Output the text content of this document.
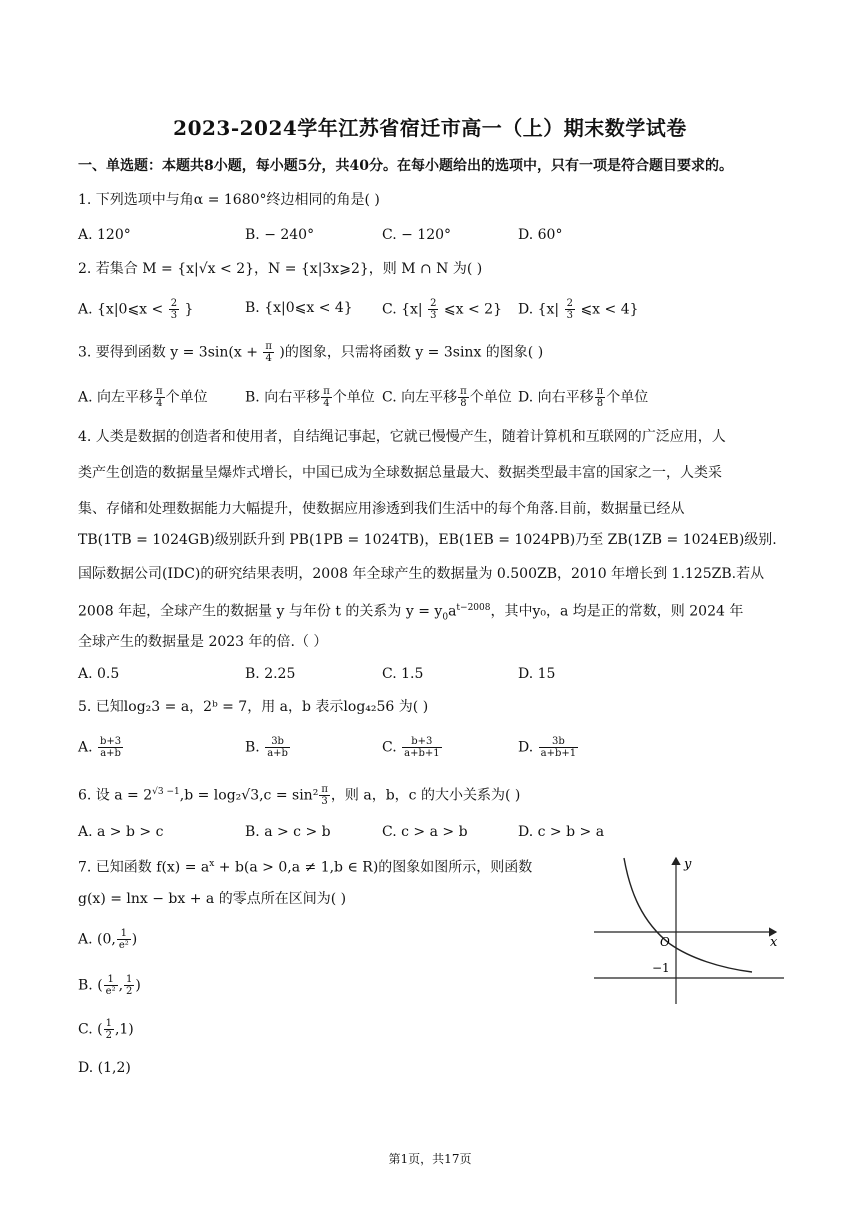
2023-2024学年江苏省宿迁市高一（上）期末数学试卷
一、单选题：本题共8小题，每小题5分，共40分。在每小题给出的选项中，只有一项是符合题目要求的。
1. 下列选项中与角α = 1680°终边相同的角是( )
A. 120°	B. − 240°	C. − 120°	D. 60°
2. 若集合 M = {x|√x < 2}，N = {x|3x⩾2}，则 M ∩ N 为( )
A. {x|0⩽x < $\frac{2}{3}$ }	B. {x|0⩽x < 4} C. {$x| \frac{2}{3}$ ⩽x < 2} D. {$x| \frac{2}{3}$ ⩽x < 4}
3. 要得到函数 $y = 3\sin(x + \frac{\pi}{4}$ )的图象，只需将函数 y = 3sinx 的图象( )
A. 向左平移 $\frac{\pi}{4}$ 个单位	B. 向右平移 $\frac{\pi}{4}$ 个单位 C. 向左平移 $\frac{\pi}{8}$ 个单位 D. 向右平移 $\frac{\pi}{8}$ 个单位
4. 人类是数据的创造者和使用者，自结绳记事起，它就已慢慢产生，随着计算机和互联网的广泛应用，人
类产生创造的数据量呈爆炸式增长，中国已成为全球数据总量最大、数据类型最丰富的国家之一，人类采
集、存储和处理数据能力大幅提升，使数据应用渗透到我们生活中的每个角落.目前，数据量已经从
TB(1TB = 1024GB)级别跃升到 PB(1PB = 1024TB)，EB(1EB = 1024PB)乃至 ZB(1ZB = 1024EB)级别.
国际数据公司(IDC)的研究结果表明，2008 年全球产生的数据量为 0.500ZB，2010 年增长到 1.125ZB.若从
2008 年起，全球产生的数据量 y 与年份 t 的关系为 $y = y_0a^{t-2008}$，其中y₀，a 均是正的常数，则 2024 年
全球产生的数据量是 2023 年的倍.（ ）
A. 0.5	B. 2.25	C. 1.5	D. 15
5. 已知log₂3 = a，2ᵇ = 7，用 a，b 表示log₄₂56 为( )
A. $\frac{b+3}{a+b}$	B. $\frac{3b}{a+b}$	C. $\frac{b+3}{a+b+1}$	D. $\frac{3b}{a+b+1}$
6. 设 $a = 2^{√3 -1},b = \log_2√3,c = \sin^2 \frac{\pi}{3}$ ，则 a，b，c 的大小关系为( )
A. a > b > c	B. a > c > b	C. c > a > b	D. c > b > a
7. 已知函数 $f(x) = a^x + b(a > 0,a \ne 1,b$ ∈ R)的图象如图所示，则函数
g(x) = lnx − bx + a 的零点所在区间为( )
A. (0, $\frac{1}{\text{e²}}$ )
B. ( $\frac{1}{\text{e²}}$ , $\frac{1}{2}$ )
C. ( $\frac{1}{2} ,1$)
D. (1,2)
y
x
O
−1
第1页，共17页
